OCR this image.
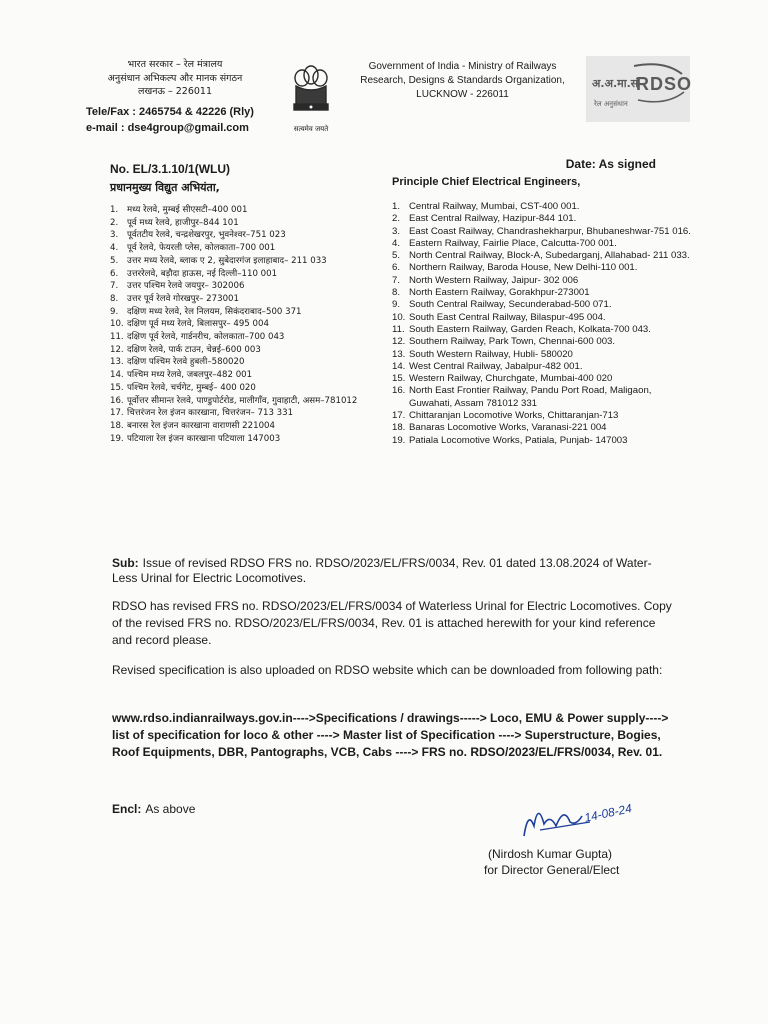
भारत सरकार – रेल मंत्रालय
अनुसंधान अभिकल्प और मानक संगठन
लखनऊ – 226011
Tele/Fax : 2465754 & 42226 (Rly)
e-mail : dse4group@gmail.com	सत्यमेव जयते
Government of India - Ministry of Railways
Research, Designs & Standards Organization,
LUCKNOW - 226011
अ.अ.मा.सं
RDSO
रेल अनुसंधान
No. EL/3.1.10/1(WLU)
प्रधानमुख्य विद्युत अभियंता,
Date: As signed
Principle Chief Electrical Engineers,
1.	मध्य रेलवे, मुम्बई सीएसटी–400 001
2.	पूर्व मध्य रेलवे, हाजीपुर–844 101
3.	पूर्वतटीय रेलवे, चन्द्रशेखरपुर, भुवनेश्वर–751 023
4.	पूर्व रेलवे, फेयरली प्लेस, कोलकाता–700 001
5.	उत्तर मध्य रेलवे, ब्लाक ए 2, सुबेदारगंज इलाहाबाद– 211 033
6.	उत्तररेलवे, बड़ौदा हाऊस, नई दिल्ली–110 001
7.	उत्तर पश्चिम रेलवे जयपुर– 302006
8.	उत्तर पूर्व रेलवे गोरखपुर– 273001
9.	दक्षिण मध्य रेलवे, रेल निलयम, सिकंदराबाद–500 371
10. दक्षिण पूर्व मध्य रेलवे, बिलासपुर– 495 004
11. दक्षिण पूर्व रेलवे, गार्डनरीच, कोलकाता–700 043
12. दक्षिण रेलवे, पार्क टाउन, चेन्नई–600 003
13. दक्षिण पश्चिम रेलवे हुबली–580020
14. पश्चिम मध्य रेलवे, जबलपुर–482 001
15. पश्चिम रेलवे, चर्चगेट, मुम्बई– 400 020
16. पूर्वोत्तर सीमान्त रेलवे, पाण्डुपोर्टरोड, मालीगाँव, गुवाहाटी, असम–781012
17. चित्तरंजन रेल इंजन कारखाना, चित्तरंजन– 713 331
18. बनारस रेल इंजन कारखाना वाराणसी 221004
19. पटियाला रेल इंजन कारखाना पटियाला 147003
1. Central Railway, Mumbai, CST-400 001.
2. East Central Railway, Hazipur-844 101.
3. East Coast Railway, Chandrashekharpur, Bhubaneshwar-751 016.
4. Eastern Railway, Fairlie Place, Calcutta-700 001.
5. North Central Railway, Block-A, Subedarganj, Allahabad- 211 033.
6. Northern Railway, Baroda House, New Delhi-110 001.
7. North Western Railway, Jaipur- 302 006
8. North Eastern Railway, Gorakhpur-273001
9. South Central Railway, Secunderabad-500 071.
10. South East Central Railway, Bilaspur-495 004.
11. South Eastern Railway, Garden Reach, Kolkata-700 043.
12. Southern Railway, Park Town, Chennai-600 003.
13. South Western Railway, Hubli- 580020
14. West Central Railway, Jabalpur-482 001.
15. Western Railway, Churchgate, Mumbai-400 020
16. North East Frontier Railway, Pandu Port Road, Maligaon, Guwahati, Assam 781012 331
17. Chittaranjan Locomotive Works, Chittaranjan-713
18. Banaras Locomotive Works, Varanasi-221 004
19. Patiala Locomotive Works, Patiala, Punjab- 147003
Sub: Issue of revised RDSO FRS no. RDSO/2023/EL/FRS/0034, Rev. 01 dated 13.08.2024 of Water-Less Urinal for Electric Locomotives.
RDSO has revised FRS no. RDSO/2023/EL/FRS/0034 of Waterless Urinal for Electric Locomotives. Copy of the revised FRS no. RDSO/2023/EL/FRS/0034, Rev. 01 is attached herewith for your kind reference and record please.
Revised specification is also uploaded on RDSO website which can be downloaded from following path:
www.rdso.indianrailways.gov.in---->Specifications / drawings-----> Loco, EMU & Power supply----> list of specification for loco & other ----> Master list of Specification ----> Superstructure, Bogies, Roof Equipments, DBR, Pantographs, VCB, Cabs ----> FRS no. RDSO/2023/EL/FRS/0034, Rev. 01.
Encl: As above	14-08-24
(Nirdosh Kumar Gupta)
for Director General/Elect
